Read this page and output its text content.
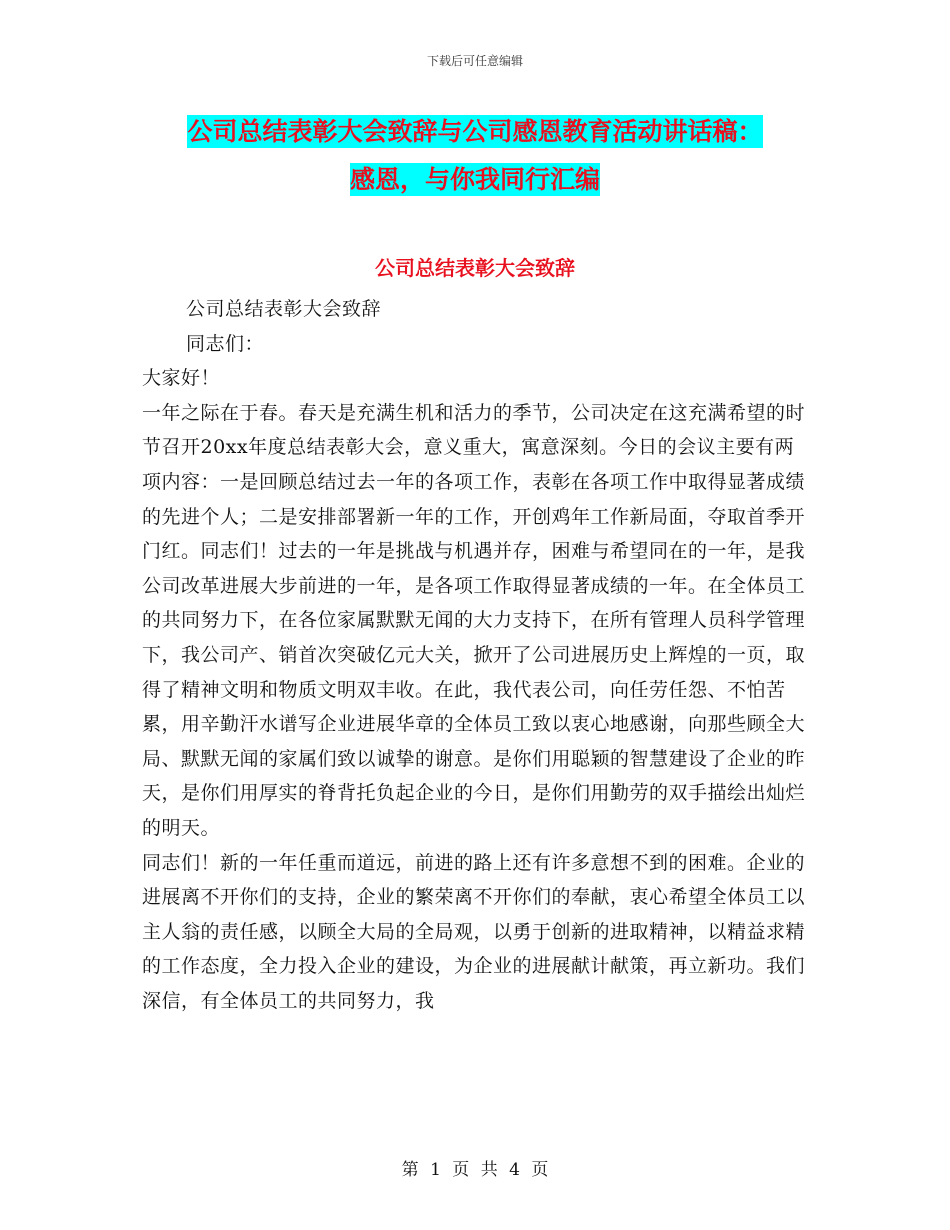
下载后可任意编辑
公司总结表彰大会致辞与公司感恩教育活动讲话稿：
感恩，与你我同行汇编
公司总结表彰大会致辞

公司总结表彰大会致辞

同志们：

大家好！

一年之际在于春。春天是充满生机和活力的季节，公司决定在这充满希望的时节召开20xx年度总结表彰大会，意义重大，寓意深刻。今日的会议主要有两项内容：一是回顾总结过去一年的各项工作，表彰在各项工作中取得显著成绩的先进个人；二是安排部署新一年的工作，开创鸡年工作新局面，夺取首季开门红。同志们！过去的一年是挑战与机遇并存，困难与希望同在的一年，是我公司改革进展大步前进的一年，是各项工作取得显著成绩的一年。在全体员工的共同努力下，在各位家属默默无闻的大力支持下，在所有管理人员科学管理下，我公司产、销首次突破亿元大关，掀开了公司进展历史上辉煌的一页，取得了精神文明和物质文明双丰收。在此，我代表公司，向任劳任怨、不怕苦累，用辛勤汗水谱写企业进展华章的全体员工致以衷心地感谢，向那些顾全大局、默默无闻的家属们致以诚挚的谢意。是你们用聪颖的智慧建设了企业的昨天，是你们用厚实的脊背托负起企业的今日，是你们用勤劳的双手描绘出灿烂的明天。

同志们！新的一年任重而道远，前进的路上还有许多意想不到的困难。企业的进展离不开你们的支持，企业的繁荣离不开你们的奉献，衷心希望全体员工以主人翁的责任感，以顾全大局的全局观，以勇于创新的进取精神，以精益求精的工作态度，全力投入企业的建设，为企业的进展献计献策，再立新功。我们深信，有全体员工的共同努力，我

第 1 页 共 4 页
